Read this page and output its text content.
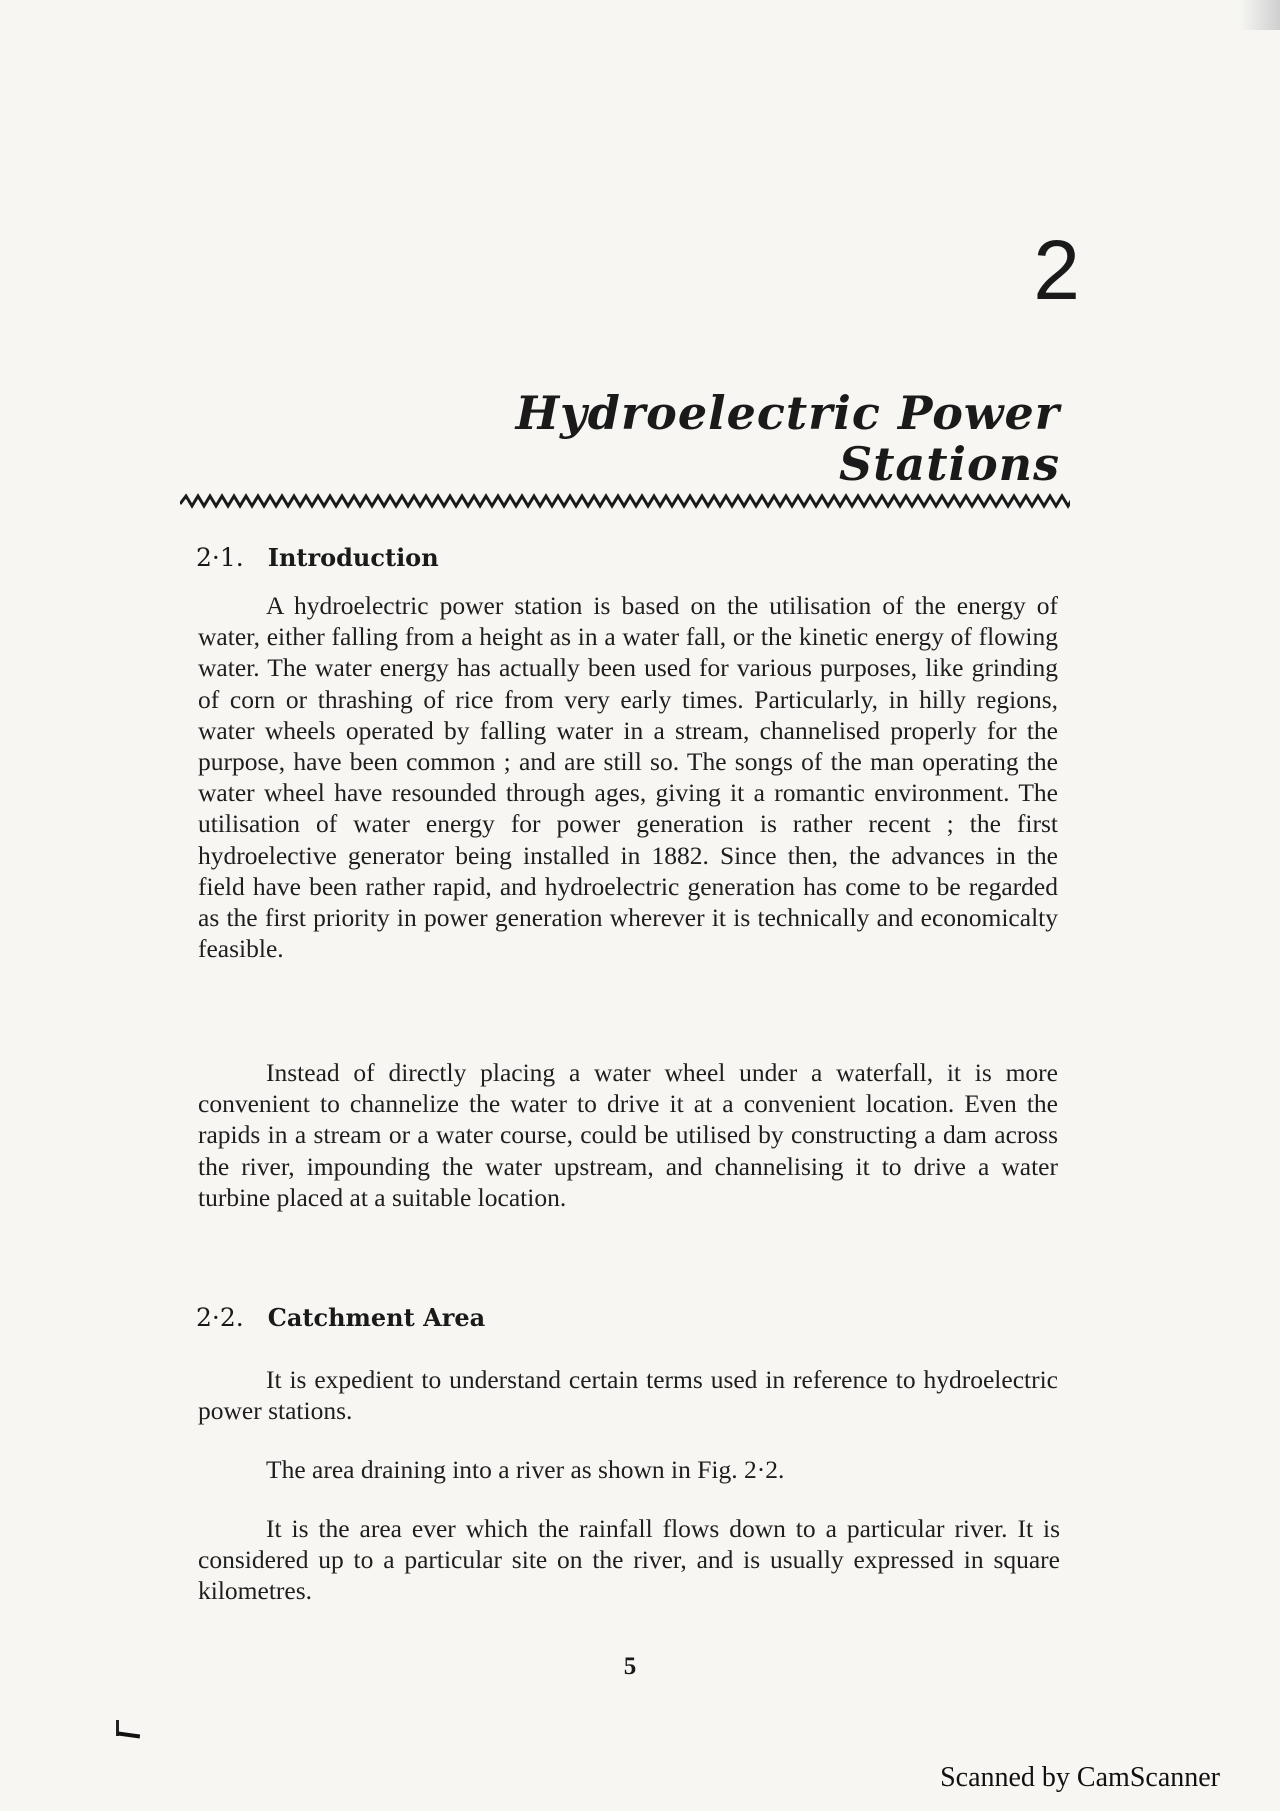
2
Hydroelectric Power Stations
2·1. Introduction

A hydroelectric power station is based on the utilisation of the energy of water, either falling from a height as in a water fall, or the kinetic energy of flowing water. The water energy has actually been used for various purposes, like grinding of corn or thrashing of rice from very early times. Particularly, in hilly regions, water wheels operated by falling water in a stream, channelised properly for the purpose, have been common ; and are still so. The songs of the man operating the water wheel have resounded through ages, giving it a romantic environment. The utilisation of water energy for power generation is rather recent ; the first hydroelective generator being installed in 1882. Since then, the advances in the field have been rather rapid, and hydroelectric generation has come to be regarded as the first priority in power generation wherever it is technically and economicalty feasible.

Instead of directly placing a water wheel under a waterfall, it is more convenient to channelize the water to drive it at a convenient location. Even the rapids in a stream or a water course, could be utilised by constructing a dam across the river, impounding the water upstream, and channelising it to drive a water turbine placed at a suitable location.

2·2. Catchment Area

It is expedient to understand certain terms used in reference to hydroelectric power stations.

The area draining into a river as shown in Fig. 2·2.

It is the area ever which the rainfall flows down to a particular river. It is considered up to a particular site on the river, and is usually expressed in square kilometres.

5
Scanned by CamScanner
